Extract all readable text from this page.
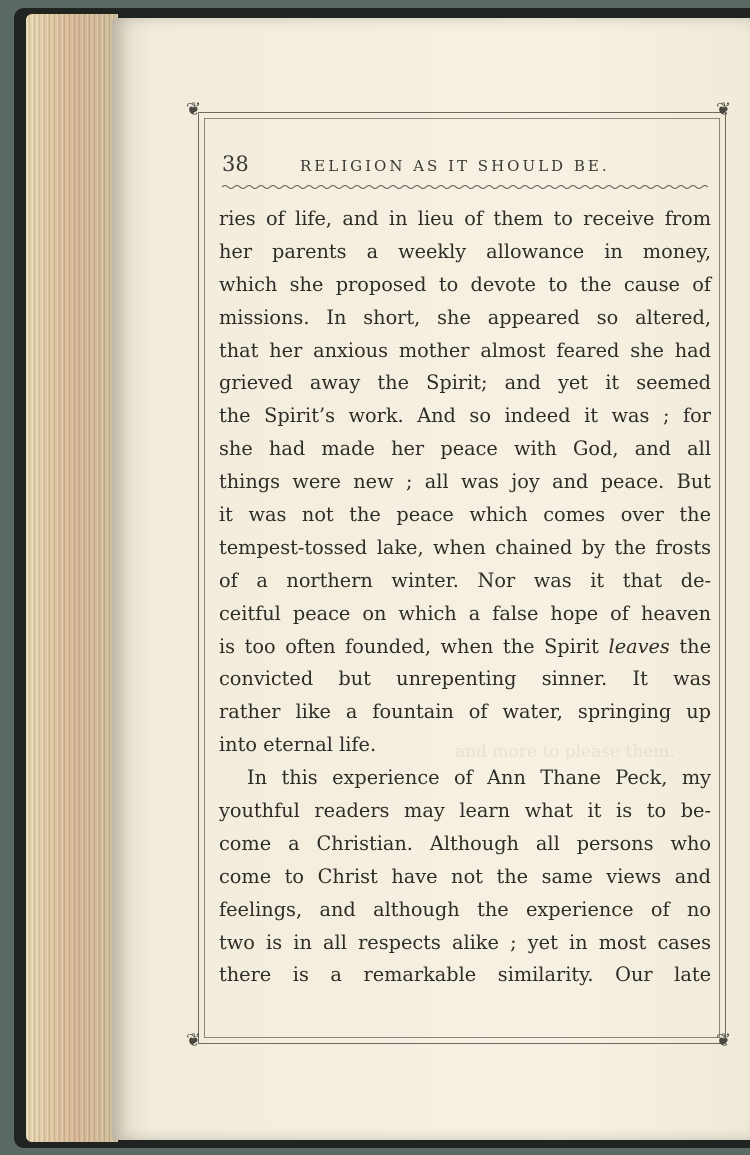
❦	❦
❦	❦
38	RELIGION AS IT SHOULD BE.
and more to please them.
ries of life, and in lieu of them to receive from
her parents a weekly allowance in money,
which she proposed to devote to the cause of
missions. In short, she appeared so altered,
that her anxious mother almost feared she had
grieved away the Spirit; and yet it seemed
the Spirit’s work. And so indeed it was ; for
she had made her peace with God, and all
things were new ; all was joy and peace. But
it was not the peace which comes over the
tempest-tossed lake, when chained by the frosts
of a northern winter. Nor was it that de-
ceitful peace on which a false hope of heaven
is too often founded, when the Spirit leaves the
convicted but unrepenting sinner. It was
rather like a fountain of water, springing up
into eternal life.
In this experience of Ann Thane Peck, my
youthful readers may learn what it is to be-
come a Christian. Although all persons who
come to Christ have not the same views and
feelings, and although the experience of no
two is in all respects alike ; yet in most cases
there is a remarkable similarity. Our late
